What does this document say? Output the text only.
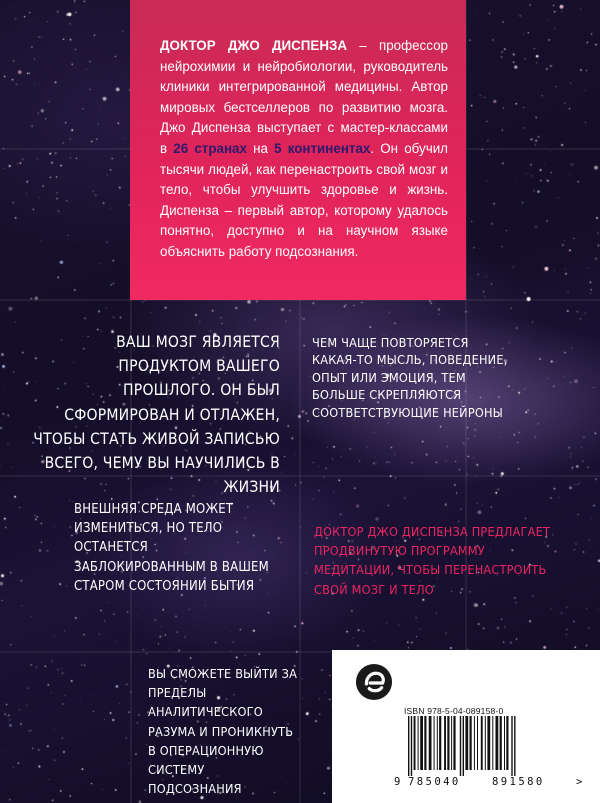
ДОКТОР ДЖО ДИСПЕНЗА – профессор нейрохимии и нейробиологии, руководитель клиники интегрированной медицины. Автор мировых бестселлеров по развитию мозга. Джо Диспенза выступает с мастер-классами в 26 странах на 5 континентах. Он обучил тысячи людей, как перенастроить свой мозг и тело, чтобы улучшить здоровье и жизнь. Диспенза – первый автор, которому удалось понятно, доступно и на научном языке объяснить работу подсознания.

ВАШ МОЗГ ЯВЛЯЕТСЯ ПРОДУКТОМ ВАШЕГО ПРОШЛОГО. ОН БЫЛ СФОРМИРОВАН И ОТЛАЖЕН, ЧТОБЫ СТАТЬ ЖИВОЙ ЗАПИСЬЮ ВСЕГО, ЧЕМУ ВЫ НАУЧИЛИСЬ В ЖИЗНИ

ЧЕМ ЧАЩЕ ПОВТОРЯЕТСЯ КАКАЯ-ТО МЫСЛЬ, ПОВЕДЕНИЕ, ОПЫТ ИЛИ ЭМОЦИЯ, ТЕМ БОЛЬШЕ СКРЕПЛЯЮТСЯ СООТВЕТСТВУЮЩИЕ НЕЙРОНЫ

ВНЕШНЯЯ СРЕДА МОЖЕТ ИЗМЕНИТЬСЯ, НО ТЕЛО ОСТАНЕТСЯ ЗАБЛОКИРОВАННЫМ В ВАШЕМ СТАРОМ СОСТОЯНИИ БЫТИЯ

ДОКТОР ДЖО ДИСПЕНЗА ПРЕДЛАГАЕТ ПРОДВИНУТУЮ ПРОГРАММУ МЕДИТАЦИИ, ЧТОБЫ ПЕРЕНАСТРОИТЬ СВОЙ МОЗГ И ТЕЛО

ВЫ СМОЖЕТЕ ВЫЙТИ ЗА ПРЕДЕЛЫ АНАЛИТИЧЕСКОГО РАЗУМА И ПРОНИКНУТЬ В ОПЕРАЦИОННУЮ СИСТЕМУ ПОДСОЗНАНИЯ

ISBN 978-5-04-089158-0
9 785040	891580	>
